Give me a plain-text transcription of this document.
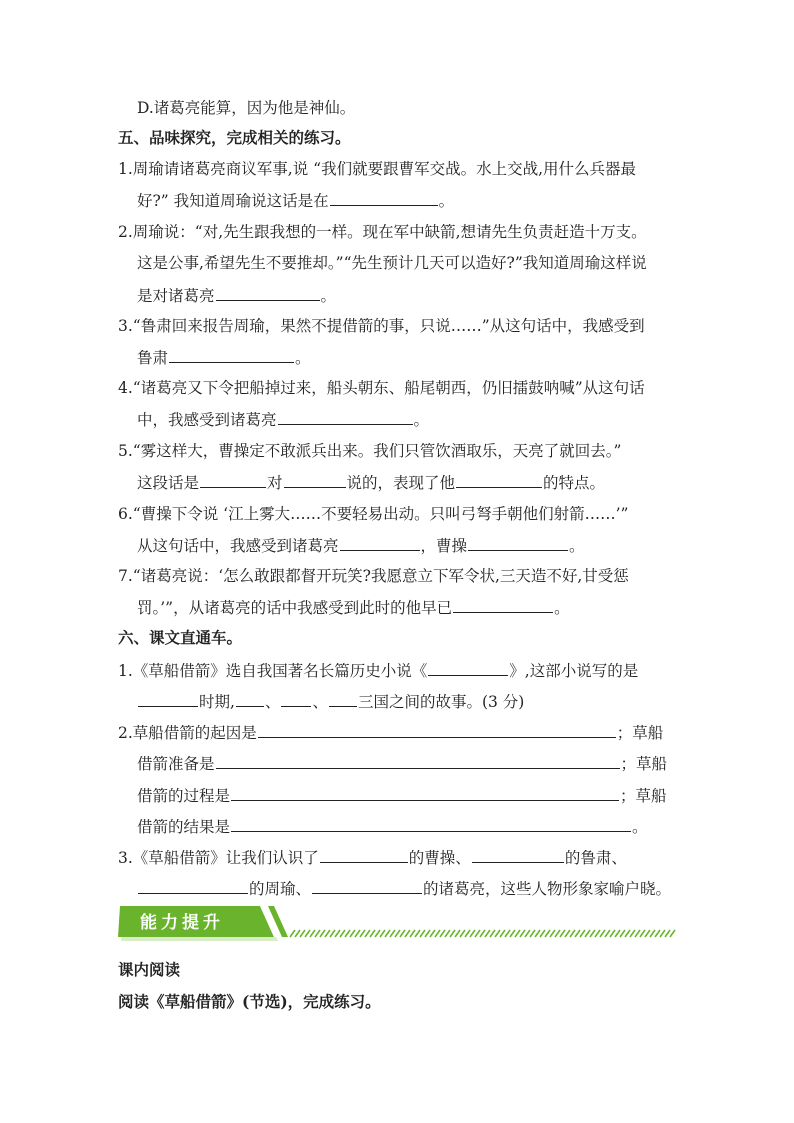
D.诸葛亮能算，因为他是神仙。
五、品味探究，完成相关的练习。
1.周瑜请诸葛亮商议军事,说 “我们就要跟曹军交战。水上交战,用什么兵器最
好?” 我知道周瑜说这话是在	。
2.周瑜说：“对,先生跟我想的一样。现在军中缺箭,想请先生负责赶造十万支。
这是公事,希望先生不要推却。”“先生预计几天可以造好?”我知道周瑜这样说
是对诸葛亮	。
3.“鲁肃回来报告周瑜，果然不提借箭的事，只说……”从这句话中，我感受到
鲁肃	。
4.“诸葛亮又下令把船掉过来，船头朝东、船尾朝西，仍旧擂鼓呐喊”从这句话
中，我感受到诸葛亮	。
5.“雾这样大，曹操定不敢派兵出来。我们只管饮酒取乐，天亮了就回去。”
这段话是	对	说的，表现了他	的特点。
6.“曹操下令说 ‘江上雾大……不要轻易出动。只叫弓弩手朝他们射箭……’”
从这句话中，我感受到诸葛亮	，曹操	。
7.“诸葛亮说：‘怎么敢跟都督开玩笑?我愿意立下军令状,三天造不好,甘受惩
罚。’”，从诸葛亮的话中我感受到此时的他早已	。
六、课文直通车。
1.《草船借箭》选自我国著名长篇历史小说《	》,这部小说写的是
时期, 、 、 三国之间的故事。(3 分)
2.草船借箭的起因是	；草船
借箭准备是	；草船
借箭的过程是	；草船
借箭的结果是	。
3.《草船借箭》让我们认识了	的曹操、	的鲁肃、
的周瑜、	的诸葛亮，这些人物形象家喻户晓。
能力提升
课内阅读
阅读《草船借箭》(节选)，完成练习。
